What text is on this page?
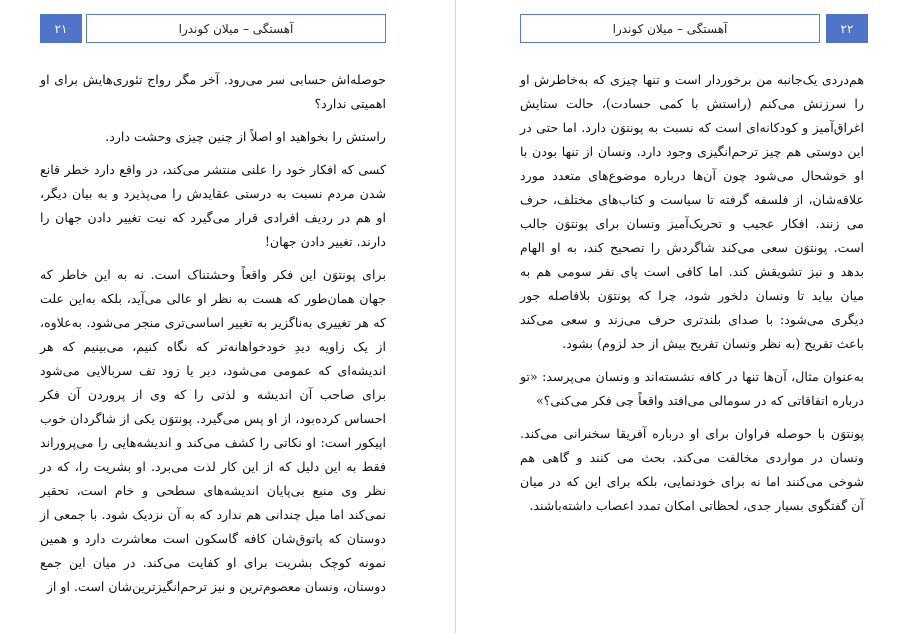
۲۱	آهستگی – میلان کوندرا

حوصله‌اش حسابی سر می‌رود. آخر مگر رواج تئوری‌هایش برای او اهمیتی ندارد؟

راستش را بخواهید او اصلاً از چنین چیزی وحشت دارد.

کسی که افکار خود را علنی منتشر می‌کند، در واقع دارد خطر قانع شدن مردم نسبت به درستی عقایدش را می‌پذیرد و به بیان دیگر، او هم در ردیف افرادی قرار می‌گیرد که نیت تغییر دادن جهان را دارند. تغییر دادن جهان!

برای پونتوَن این فکر واقعاً وحشتناک است. نه به این خاطر که جهان همان‌طور که هست به نظر او عالی می‌آید، بلکه به‌این علت که هر تغییری به‌ناگزیر به تغییر اساسی‌تری منجر می‌شود. به‌علاوه، از یک زاویه دیدِ خودخواهانه‌تر که نگاه کنیم، می‌بینیم که هر اندیشه‌ای که عمومی می‌شود، دیر یا زود تف سربالایی می‌شود برای صاحب آن اندیشه و لذتی را که وی از پروردن آن فکر احساس کرده‌بود، از او پس می‌گیرد. پونتوَن یکی از شاگردان خوب اپیکور است: او نکاتی را کشف می‌کند و اندیشه‌هایی را می‌پروراند فقط به این دلیل که از این کار لذت می‌برد. او بشریت را، که در نظر وی منبع بی‌پایان اندیشه‌های سطحی و خام است، تحقیر نمی‌کند اما میل چندانی هم ندارد که به آن نزدیک شود. با جمعی از دوستان که پاتوق‌شان کافه گاسکون است معاشرت دارد و همین نمونه کوچک بشریت برای او کفایت می‌کند. در میان این جمع دوستان، ونسان معصوم‌ترین و نیز ترحم‌انگیزترین‌شان است. او از

آهستگی – میلان کوندرا	۲۲

هم‌دردی یک‌جانبه من برخوردار است و تنها چیزی که به‌خاطرش او را سرزنش می‌کنم (راستش با کمی حسادت)، حالت ستایش اغراق‌آمیز و کودکانه‌ای است که نسبت به پونتوَن دارد. اما حتی در این دوستی هم چیز ترحم‌انگیزی وجود دارد. ونسان از تنها بودن با او خوشحال می‌شود چون آن‌ها درباره موضوع‌های متعدد مورد علاقه‌شان، از فلسفه گرفته تا سیاست و کتاب‌های مختلف، حرف می زنند. افکار عجیب و تحریک‌آمیز ونسان برای پونتوَن جالب است. پونتوَن سعی می‌کند شاگردش را تصحیح کند، به او الهام بدهد و نیز تشویقش کند. اما کافی است پای نفر سومی هم به میان بیاید تا ونسان دلخور شود، چرا که پونتوَن بلافاصله جور دیگری می‌شود: با صدای بلندتری حرف می‌زند و سعی می‌کند باعث تفریح (به نظر ونسان تفریح بیش از حد لزوم) بشود.

به‌عنوان مثال، آن‌ها تنها در کافه نشسته‌اند و ونسان می‌پرسد: «تو درباره اتفاقاتی که در سومالی می‌افتد واقعاً چی فکر می‌کنی؟»

پونتوَن با حوصله فراوان برای او درباره آفریقا سخنرانی می‌کند. ونسان در مواردی مخالفت می‌کند. بحث می کنند و گاهی هم شوخی می‌کنند اما نه برای خودنمایی، بلکه برای این که در میان آن گفتگوی بسیار جدی، لحظاتی امکان تمدد اعصاب داشته‌باشند.
